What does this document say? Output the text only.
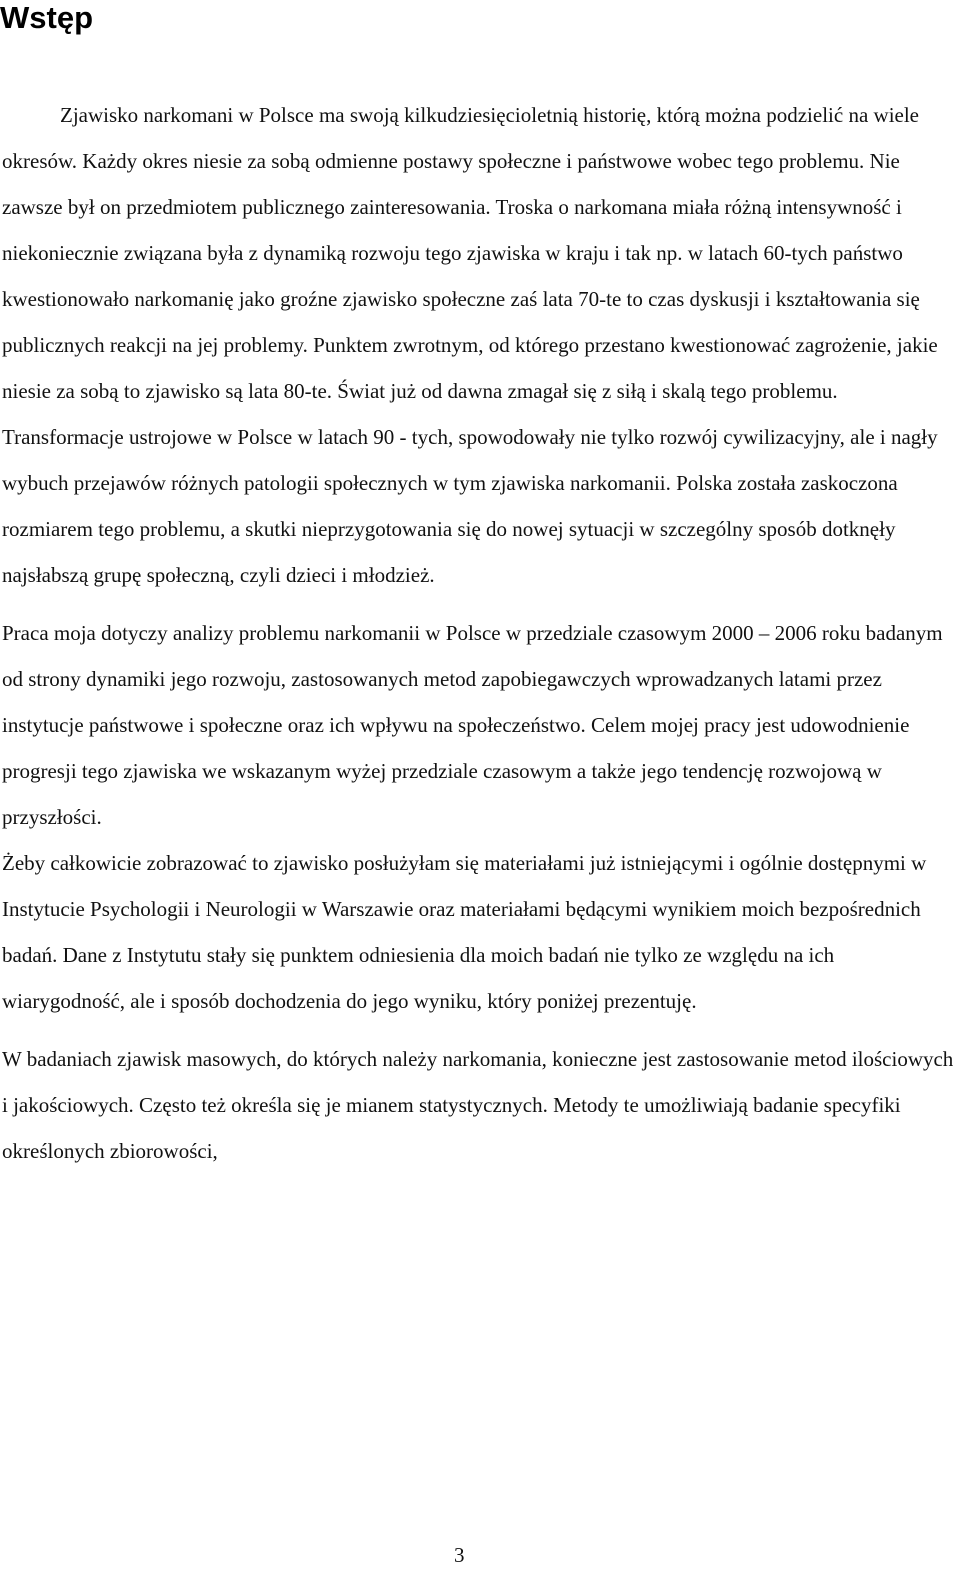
Wstęp

Zjawisko narkomani w Polsce ma swoją kilkudziesięcioletnią historię, którą można podzielić na wiele okresów. Każdy okres niesie za sobą odmienne postawy społeczne i państwowe wobec tego problemu. Nie zawsze był on przedmiotem publicznego zainteresowania. Troska o narkomana miała różną intensywność i niekoniecznie związana była z dynamiką rozwoju tego zjawiska w kraju i tak np. w latach 60-tych państwo kwestionowało narkomanię jako groźne zjawisko społeczne zaś lata 70-te to czas dyskusji i kształtowania się publicznych reakcji na jej problemy. Punktem zwrotnym, od którego przestano kwestionować zagrożenie, jakie niesie za sobą to zjawisko są lata 80-te. Świat już od dawna zmagał się z siłą i skalą tego problemu. Transformacje ustrojowe w Polsce w latach 90 - tych, spowodowały nie tylko rozwój cywilizacyjny, ale i nagły wybuch przejawów różnych patologii społecznych w tym zjawiska narkomanii. Polska została zaskoczona rozmiarem tego problemu, a skutki nieprzygotowania się do nowej sytuacji w szczególny sposób dotknęły najsłabszą grupę społeczną, czyli dzieci i młodzież.

Praca moja dotyczy analizy problemu narkomanii w Polsce w przedziale czasowym 2000 – 2006 roku badanym od strony dynamiki jego rozwoju, zastosowanych metod zapobiegawczych wprowadzanych latami przez instytucje państwowe i społeczne oraz ich wpływu na społeczeństwo. Celem mojej pracy jest udowodnienie progresji tego zjawiska we wskazanym wyżej przedziale czasowym a także jego tendencję rozwojową w przyszłości.

Żeby całkowicie zobrazować to zjawisko posłużyłam się materiałami już istniejącymi i ogólnie dostępnymi w Instytucie Psychologii i Neurologii w Warszawie oraz materiałami będącymi wynikiem moich bezpośrednich badań. Dane z Instytutu stały się punktem odniesienia dla moich badań nie tylko ze względu na ich wiarygodność, ale i sposób dochodzenia do jego wyniku, który poniżej prezentuję.

W badaniach zjawisk masowych, do których należy narkomania, konieczne jest zastosowanie metod ilościowych i jakościowych. Często też określa się je mianem statystycznych. Metody te umożliwiają badanie specyfiki określonych zbiorowości,

3
